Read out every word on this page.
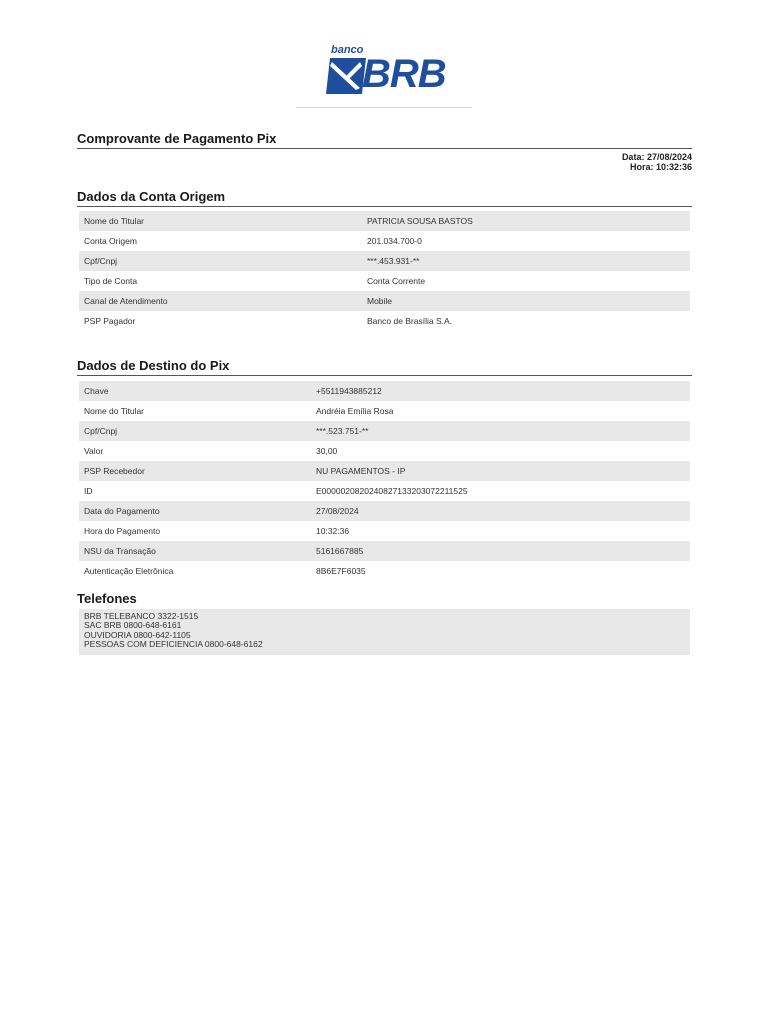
banco
BRB
Comprovante de Pagamento Pix
Data: 27/08/2024
Hora: 10:32:36
Dados da Conta Origem
Nome do Titular	PATRICIA SOUSA BASTOS
Conta Origem	201.034.700-0
Cpf/Cnpj	***.453.931-**
Tipo de Conta	Conta Corrente
Canal de Atendimento	Mobile
PSP Pagador	Banco de Brasília S.A.
Dados de Destino do Pix
Chave	+5511943885212
Nome do Titular	Andréia Emília Rosa
Cpf/Cnpj	***.523.751-**
Valor	30,00
PSP Recebedor	NU PAGAMENTOS - IP
ID	E0000020820240827133203072211525
Data do Pagamento	27/08/2024
Hora do Pagamento	10:32:36
NSU da Transação	5161667885
Autenticação Eletrônica	8B6E7F6035
Telefones
BRB TELEBANCO 3322-1515
SAC BRB 0800-648-6161
OUVIDORIA 0800-642-1105
PESSOAS COM DEFICIENCIA 0800-648-6162
